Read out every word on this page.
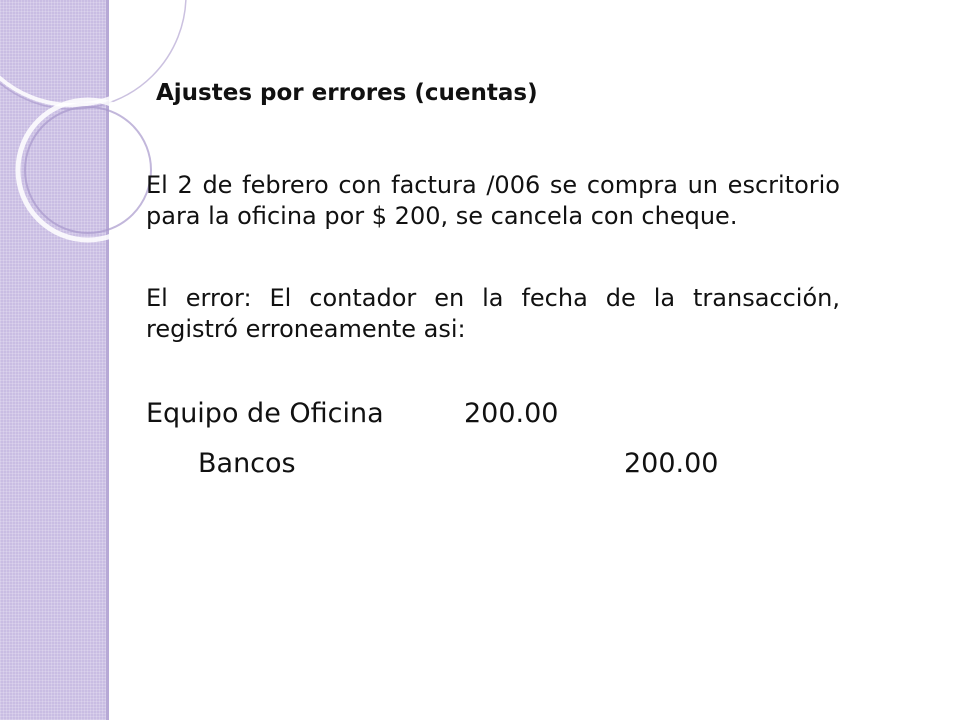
Ajustes por errores (cuentas)
El 2 de febrero con factura /006 se compra un escritorio para la oficina por $ 200, se cancela con cheque.
El error: El contador en la fecha de la transacción, registró erroneamente asi:
Equipo de Oficina	200.00
Bancos	200.00
